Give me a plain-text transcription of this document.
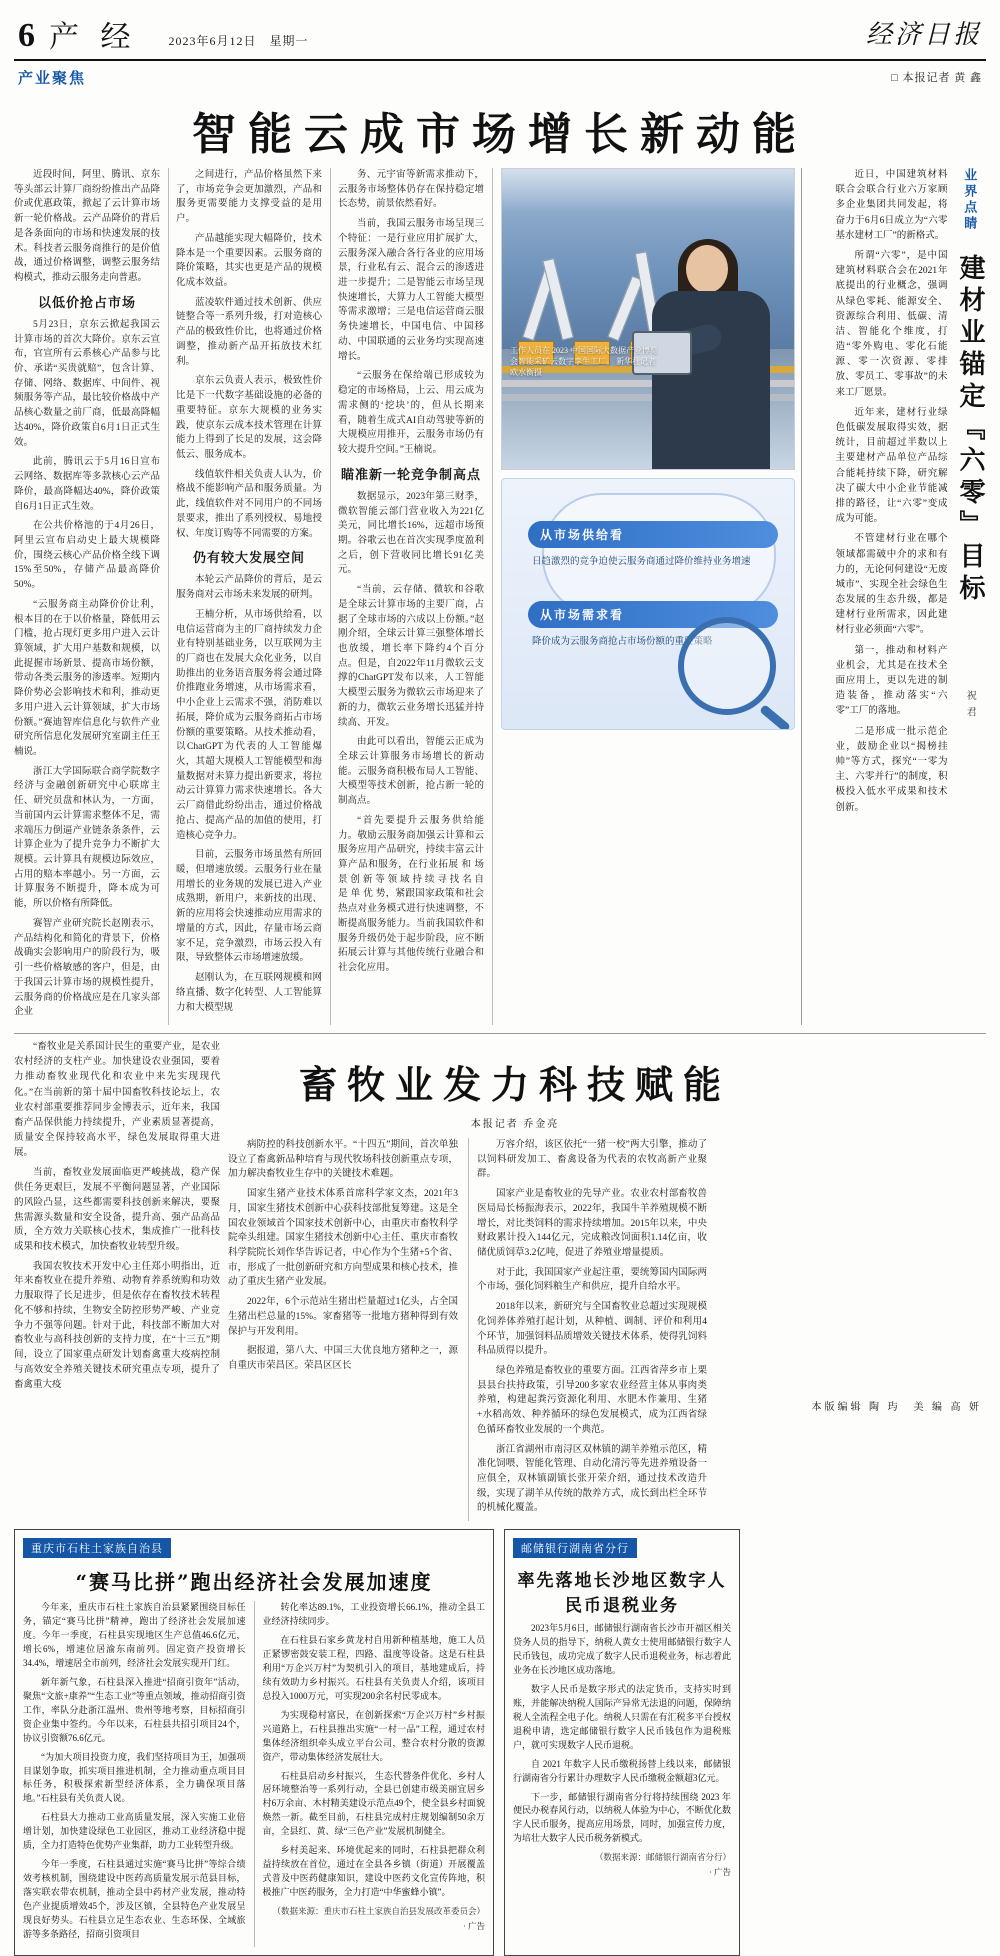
6 产 经	2023年6月12日　星期一	经济日报
□ 本报记者 黄 鑫
产业聚焦
智能云成市场增长新动能

近段时间，阿里、腾讯、京东等头部云计算厂商纷纷推出产品降价或优惠政策，掀起了云计算市场新一轮价格战。云产品降价的背后是各条面向的市场和快速发展的技术。科技者云服务商推行的是价值战，通过价格调整，调整云服务结构模式，推动云服务走向普惠。

以低价抢占市场

5月23日，京东云掀起我国云计算市场的首次大降价。京东云宣布，官宣所有云系核心产品参与比价、承诺“买贵就赔”，包含计算、存储、网络、数据库、中间件、视频服务等产品，最比较价格战中产品核心数量之前厂商，低最高降幅达40%，降价政策自6月1日正式生效。

此前，腾讯云于5月16日宣布云网络、数据库等多款核心云产品降价，最高降幅达40%，降价政策自6月1日正式生效。

在公共价格池的于4月26日，阿里云宣布启动史上最大规模降价，围绕云核心产品价格全线下调15%至50%，存储产品最高降价50%。

“云服务商主动降价价让利，根本目的在于以价格量，降低用云门槛，抢占现灯更多用户进入云计算领域，扩大用户基数和规模，以此捉握市场新景、提高市场份额，带动各类云服务的渗透率。短期内降价势必会影响技术和利，推动更多用户进入云计算领域，扩大市场份额。”赛迪智库信息化与软件产业研究所信息化发展研究室副主任王楠说。

浙江大学国际联合商学院数字经济与金融创新研究中心联席主任、研究员盘和林认为，一方面，当前国内云计算需求整体不足，需求端压力倒逼产业链条条条件，云计算企业为了提升竞争力不断扩大规模。云计算具有规模边际效应，占用的赔本率越小。另一方面，云计算服务不断提升，降本成为可能，所以价格有所降低。

赛智产业研究院长赵刚表示，产品结构化和简化的背景下，价格战确实会影响用户的阶段行为，吸引一些价格敏感的客户，但是，由于我国云计算市场的规模性提升，云服务商的价格战应是在几家头部企业

之间进行，产品价格虽然下来了，市场竞争会更加激烈，产品和服务更需要能力支撑受益的是用户。

产品越能实现大幅降价，技术降本是一个重要因素。云服务商的降价策略，其实也更是产品的规模化成本效益。

蓝凌软件通过技术创新、供应链整合等一系列升级，打对造核心产品的极致性价比，也将通过价格调整，推动新产品开拓放技术红利。

京东云负责人表示，极致性价比是下一代数字基础设施的必备的重要特征。京东大规模的业务实践，使京东云成本技术管理在计算能力上得到了长足的发展，这会降低云、服务成本。

线值软件相关负责人认为，价格战不能影响产品和服务质量。为此，线值软件对不同用户的不同场景要求，推出了系列授权、易地授权、年度订购等不同需要的方案。

仍有较大发展空间

本轮云产品降价的背后，是云服务商对云市场未来发展的研判。

王楠分析，从市场供给看，以电信运营商为主的厂商持续发力企业有特别基础业务，以互联网为主的厂商也在发展大众化业务，以自助推出的业务语音服务将会通过降价推跑业务增速，从市场需求看，中小企业上云需求不强，消防难以拓展，降价成为云服务商拓占市场份额的重要策略。从技术推动看，以ChatGPT为代表的人工智能爆火，其超大规模人工智能模型和海量数据对未算力提出新要求，将拉动云计算算力需求快速增长。各大云厂商借此纷纷出击，通过价格战抢占、提高产品的加值的使用，打造核心竞争力。

目前，云服务市场虽然有所回暖，但增速放缓。云服务行业在量用增长的业务规的发展已进入产业成熟期，新用户，来新技的出现、新的应用将会快速推动应用需求的增量的方式，因此，存量市场云商家不足，竞争激烈，市场云投入有限，导致整体云市场增速放缓。

赵刚认为，在互联网规模和网络直播、数字化转型、人工智能算力和大模型规

务、元宇宙等新需求推动下，云服务市场整体仍存在保持稳定增长态势，前景依然看好。

当前，我国云服务市场呈现三个特征：一是行业应用扩展扩大，云服务深入融合各行各业的应用场景，行业私有云、混合云的渗透进进一步提升；二是智能云市场呈现快速增长，大算力人工智能大模型等需求激增；三是电信运营商云服务快速增长，中国电信、中国移动、中国联通的云业务均实现高速增长。

“云服务在保给端已形成较为稳定的市场格局，上云、用云成为需求侧的‘挖块’的，但从长期来看，随着生成式AI自动驾驶等新的大规模应用推开，云服务市场仍有较大提升空间。”王楠说。

瞄准新一轮竞争制高点

数据显示，2023年第三财季，微软智能云部门营业收入为221亿美元，同比增长16%，远超市场预期。谷歌云也在首次实现季度盈利之后，创下营收同比增长91亿美元。

“当前，云存储、微软和谷歌是全球云计算市场的主要厂商，占据了全球市场的六成以上份额。”赵刚介绍，全球云计算三强整体增长也放缓，增长率下降约4个百分点。但是，自2022年11月微软云支撑的ChatGPT发布以来，人工智能大模型云服务为微软云市场迎来了新的力，微软云业务增长迅猛并持续高、开发。

由此可以看出，智能云正成为全球云计算服务市场增长的新动能。云服务商积极布局人工智能、大模型等技术创新，抢占新一轮的制高点。

“首先要提升云服务供给能力。敬励云服务商加强云计算和云服务应用产品研究，持续丰富云计算产品和服务，在行业拓展 和 场 景 创 新 等 领 域 持 续 寻 找 名 自 是 单 优 势，紧跟国家政策和社会热点对业务模式进行快速调整，不断提高服务能力。当前我国软件和服务升级仍处于起步阶段，应不断拓展云计算与其他传统行业融合和社会化应用。

工作人员在 2023 中国国际大数据产业博览会智能采矿云数字孪生工厂。 新华社记者 欧水衡摄
从市场供给看
日趋激烈的竞争迫使云服务商通过降价维持业务增速
从市场需求看
降价成为云服务商抢占市场份额的重要策略
业界点睛
建材业锚定『六零』目标
祝 君

近日，中国建筑材料联合会联合行业六万家顾多企业集团共同发起，将奋力于6月6日成立为“六零基水建材工厂”的新格式。

所谓“六零”，是中国建筑材料联合会在2021年底提出的行业概念，强调从绿色零耗、能源安全、资源综合利用、低碳、清洁、智能化个维度，打造“零外购电、零化石能源、零一次资源、零排放、零员工、零事故”的未来工厂愿景。

近年来，建材行业绿色低碳发展取得实效，据统计，目前超过半数以上主要建材产品单位产品综合能耗持续下降，研究解决了碳大中小企业节能减排的路径，让“六零”变成成为可能。

不管建材行业在哪个领域都需破中介的求和有力的，无论何何建设“无废城市”、实现全社会绿色生态发展的生态升级，都是建材行业所需求，因此建材行业必须面“六零”。

第一，推动和材料产业机会，尤其是在技术全面应用上，更以先进的制造装备，推动落实“六零”工厂的落地。

二是形成一批示范企业，鼓励企业以“揭榜挂帅”等方式，探究“一零为主、六零并行”的制度，积极投入低水平成果和技术创新。

“畜牧业是关系国计民生的重要产业，是农业农村经济的支柱产业。加快建设农业强国，要着力推动畜牧业现代化和农业中来先实现现代化。”在当前新的第十届中国畜牧科技论坛上，农业农村部重要推荐同步金博表示，近年来，我国畜产品保供能力持续提升，产业素质显著提高，质量安全保持较高水平，绿色发展取得重大进展。

当前，畜牧业发展面临更严峻挑战，稳产保供任务更艰巨，发展不平衡问题显著，产业国际的风险凸显，这些都需要科技创新来解决，要聚焦需源头数量和安全设备，提升高、强产品高品质，全方效力关联核心技术，集成推广一批科技成果和技术模式，加快畜牧业转型升级。

我国农牧技术开发中心主任郑小明指出，近年来畜牧业在提升养殖、动物育养系统购和功效力服取得了长足进步，但是依存在畜牧技术转程化不够和持续，生物安全防控形势严峻、产业竞争力不强等问题。针对于此，科技部不断加大对畜牧业与高科技创新的支持力度，在“十三五”期间，设立了国家重点研发计划畜禽重大疫病控制与高效安全养殖关键技术研究重点专项，提升了畜禽重大疫

畜牧业发力科技赋能
本报记者 乔金亮

病防控的科技创新水平。“十四五”期间，首次单独设立了畜禽新品种培育与现代牧场科技创新重点专项，加力解决畜牧业生存中的关键技术难题。

国家生猪产业技术体系首席科学家文杰，2021年3月，国家生猪技术创新中心获科技部批复筹建。这是全国农业领域首个国家技术创新中心，由重庆市畜牧科学院牵头组建。国家生猪技术创新中心主任、重庆市畜牧科学院院长刘作华告诉记者，中心作为个生猪+5个省、市，形成了一批创新研究和方向型成果和核心技术，推动了重庆生猪产业发展。

2022年，6个示范站生猪出栏量超过1亿头，占全国生猪出栏总量的15%。家畜猪等一批地方猪种得到有效保护与开发利用。

据报道，第八大、中国三大优良地方猪种之一，源自重庆市荣昌区。荣昌区区长

万容介绍，该区依托“一猪一校”两大引擎，推动了以饲料研发加工、畜禽设备为代表的农牧高新产业聚群。

国家产业是畜牧业的先导产业。农业农村部畜牧兽医局局长杨振海表示，2022年，我国牛羊养殖规模不断增长，对比类饲料的需求持续增加。2015年以来，中央财政累计投入144亿元，完成粮改饲面积1.14亿亩，收储优质饲草3.2亿吨，促进了养殖业增量提质。

对于此，我国国家产业起注重，要统筹国内国际两个市场，强化饲料粮生产和供应，提升自给水平。

2018年以来，新研究与全国畜牧业总超过实现规模化饲养体养殖打起计划，从种植、调制、评价和利用4个环节，加强饲料品质增效关键技术体系，使得乳饲料科品质得以提升。

绿色养殖是畜牧业的重要方面。江西省萍乡市上栗县县台扶持政策，引导200多家农业经营主体从事肉类养殖，构建起粪污资源化利用、水肥木作兼用、生猪+水稻高效、种养循环的绿色发展模式，成为江西省绿色循环畜牧业发展的一个典范。

浙江省湖州市南浔区双林镇的湖羊养殖示范区，精准化饲喂、智能化管理、自动化清污等先进养殖设备一应俱全，双林镇副镇长张开荣介绍，通过技术改造升级，实现了湖羊从传统的散养方式，成长到出栏全环节的机械化覆盖。

重庆市石柱土家族自治县
“赛马比拼”跑出经济社会发展加速度

今年来，重庆市石柱土家族自治县紧紧围绕目标任务，锚定“赛马比拼”精神，跑出了经济社会发展加速度。今年一季度，石柱县实现地区生产总值46.6亿元，增长6%，增速位居渝东南前列。固定资产投资增长34.4%，增速居全市前列，经济社会发展实现开门红。

新年新气象，石柱县深入推进“招商引资年”活动，聚焦“文旅+康养”“生态工业”等重点领域，推动招商引资工作，率队分赴浙江温州、贵州等地考察，目标招商引资企业集中签约。今年以来，石柱县共招引项目24个，协议引资额76.6亿元。

“为加大项目投资力度，我们坚持项目为王，加强项目谋划争取，抓实项目推进机制，全力推动重点项目目标任务，积极探索新型经济体系，全力确保项目落地。”石柱县有关负责人说。

石柱县大力推动工业高质量发展，深入实施工业倍增计划，加快建设绿色工业园区，推动工业经济稳中提质，全力打造特色优势产业集群，助力工业转型升级。

今年一季度，石柱县通过实施“赛马比拼”等综合绩效考核机制，围绕建设中医药高质量发展示范县目标，落实联农带农机制，推动全县中药材产业发展，推动特色产业提质增效45个，涉及区镇，全县特色产业发展呈现良好势头。石柱县立足生态农业、生态环保、全域旅游等多条路径，招商引资项目

转化率达89.1%，工业投资增长66.1%，推动全县工业经济持续同步。

在石柱县石家乡黄龙村自用新种植基地，施工人员正紧锣密鼓安装工程，四路、温度等设备。这是石柱县利用“万企兴万村”为契机引入的项目，基地建成后，持续有效助力乡村振兴。石柱县有关负责人介绍，该项目总投入1000万元，可实现200余名村民零成本。

为实现稳村富民，在创新探索“万企兴万村”乡村振兴道路上，石柱县推出实施“一村一品”工程，通过农村集体经济组织牵头成立平台公司，整合农村分散的资源资产，带动集体经济发展壮大。

石柱县启动乡村振兴， 生态代替条件优化、乡村人居环境整治等一系列行动，全县已创建市级美丽宜居乡村6万余亩、木村精美建设示范点49个，使全县乡村面貌焕然一新。截至目前，石柱县完成村庄规划编制50余万亩，全县红、黄、绿“三色产业”发展机制健全。

乡村美起来、环境优起来的同时，石柱县把群众利益持续放在首位，通过在全县各乡镇（街道）开展覆盖式普及中医药健康知识，建设中医药文化宣传阵地，积极推广中医药服务，全力打造“中华蜜蜂小镇”。

（数据来源：重庆市石柱土家族自治县发展改革委员会）
· 广告
邮储银行湖南省分行
率先落地长沙地区数字人民币退税业务

2023年5月6日，邮储银行湖南省长沙市开福区相关贷务人员的指导下，纳税人黄女士使用邮储银行数字人民币钱包，成功完成了数字人民币退税业务，标志着此业务在长沙地区成功落地。

数字人民币是数字形式的法定货币，支持实时到账，并能解决纳税人国际产异常无法退的问题，保障纳税人全流程全电子化。纳税人只需在有汇税多平台授权退税申请，选定邮储银行数字人民币钱包作为退税账户，就可实现数字人民币退税。

自 2021 年数字人民币缴税扬替上线以来，邮储银行湖南省分行累计办理数字人民币缴税金额超3亿元。

下一步，邮储银行湖南省分行将持续围绕 2023 年便民办税春风行动，以纳税人体验为中心，不断优化数字人民币服务，提高应用场景，同时，加强宣传力度，为培壮大数字人民币税务新模式。

（数据来源：邮储银行湖南省分行）
· 广告
本版编辑 陶 玙　美 编 高 妍
